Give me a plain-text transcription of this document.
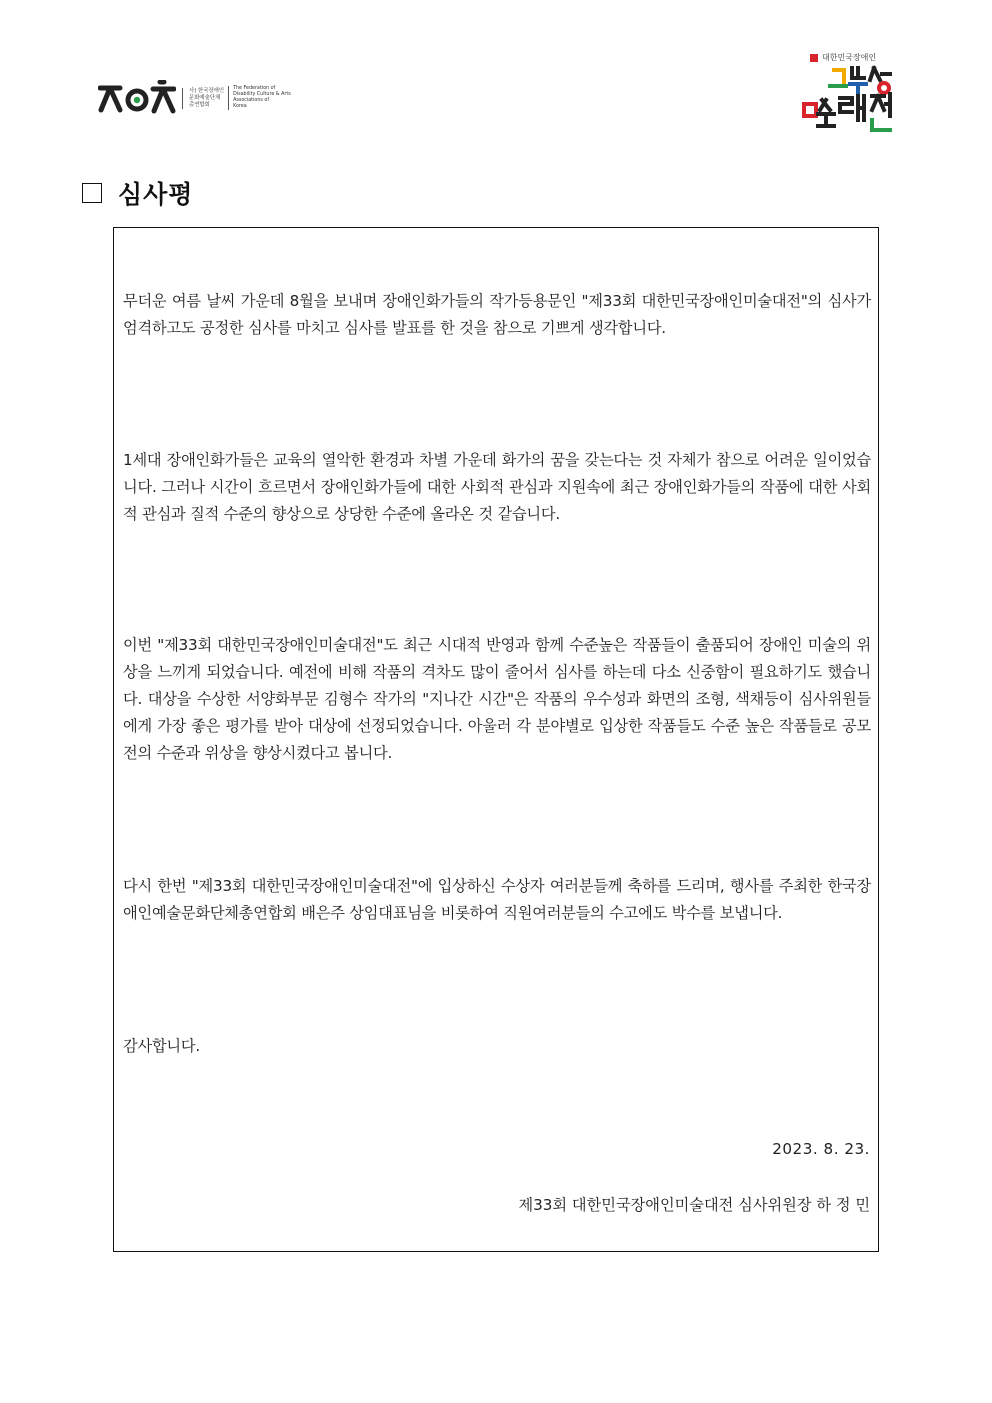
사) 한국장애인
문화예술단체
총연합회
The Federation of
Disability Culture & Arts
Associations of
Korea
대한민국장애인
심사평
무더운 여름 날씨 가운데 8월을 보내며 장애인화가들의 작가등용문인 "제33회 대한민국장애인미술대전"의 심사가 엄격하고도 공정한 심사를 마치고 심사를 발표를 한 것을 참으로 기쁘게 생각합니다.
1세대 장애인화가들은 교육의 열악한 환경과 차별 가운데 화가의 꿈을 갖는다는 것 자체가 참으로 어려운 일이었습니다. 그러나 시간이 흐르면서 장애인화가들에 대한 사회적 관심과 지원속에 최근 장애인화가들의 작품에 대한 사회적 관심과 질적 수준의 향상으로 상당한 수준에 올라온 것 같습니다.
이번 "제33회 대한민국장애인미술대전"도 최근 시대적 반영과 함께 수준높은 작품들이 출품되어 장애인 미술의 위상을 느끼게 되었습니다. 예전에 비해 작품의 격차도 많이 줄어서 심사를 하는데 다소 신중함이 필요하기도 했습니다. 대상을 수상한 서양화부문 김형수 작가의 "지나간 시간"은 작품의 우수성과 화면의 조형, 색채등이 심사위원들에게 가장 좋은 평가를 받아 대상에 선정되었습니다. 아울러 각 분야별로 입상한 작품들도 수준 높은 작품들로 공모전의 수준과 위상을 향상시켰다고 봅니다.
다시 한번 "제33회 대한민국장애인미술대전"에 입상하신 수상자 여러분들께 축하를 드리며, 행사를 주최한 한국장애인예술문화단체총연합회 배은주 상임대표님을 비롯하여 직원여러분들의 수고에도 박수를 보냅니다.
감사합니다.
2023. 8. 23.
제33회 대한민국장애인미술대전 심사위원장 하 정 민
